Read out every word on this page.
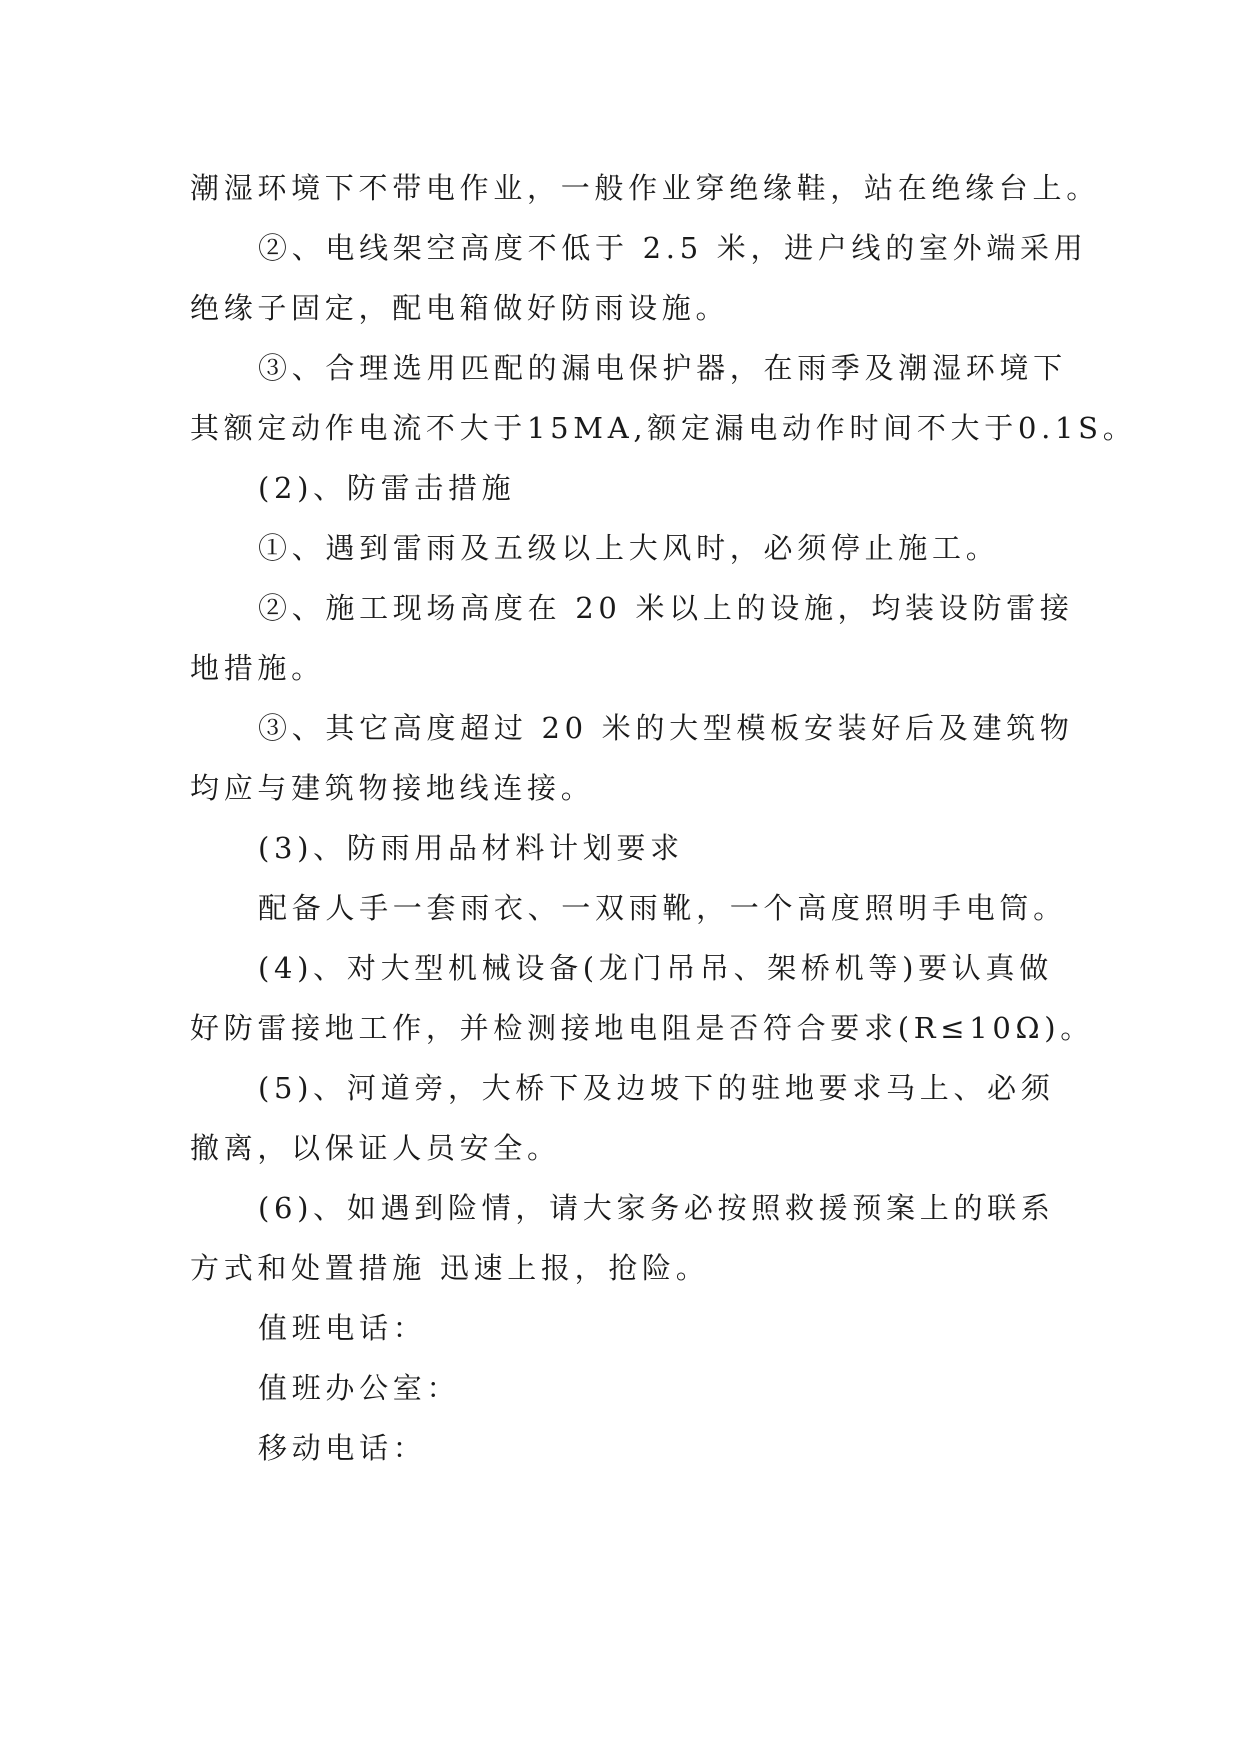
潮湿环境下不带电作业，一般作业穿绝缘鞋，站在绝缘台上。
②、电线架空高度不低于 2.5 米，进户线的室外端采用
绝缘子固定，配电箱做好防雨设施。
③、合理选用匹配的漏电保护器，在雨季及潮湿环境下
其额定动作电流不大于15MA,额定漏电动作时间不大于0.1S。
(2)、防雷击措施
①、遇到雷雨及五级以上大风时，必须停止施工。
②、施工现场高度在 20 米以上的设施，均装设防雷接
地措施。
③、其它高度超过 20 米的大型模板安装好后及建筑物
均应与建筑物接地线连接。
(3)、防雨用品材料计划要求
配备人手一套雨衣、一双雨靴，一个高度照明手电筒。
(4)、对大型机械设备(龙门吊吊、架桥机等)要认真做
好防雷接地工作，并检测接地电阻是否符合要求(R≤10Ω)。
(5)、河道旁，大桥下及边坡下的驻地要求马上、必须
撤离，以保证人员安全。
(6)、如遇到险情，请大家务必按照救援预案上的联系
方式和处置措施 迅速上报，抢险。
值班电话：
值班办公室：
移动电话：
